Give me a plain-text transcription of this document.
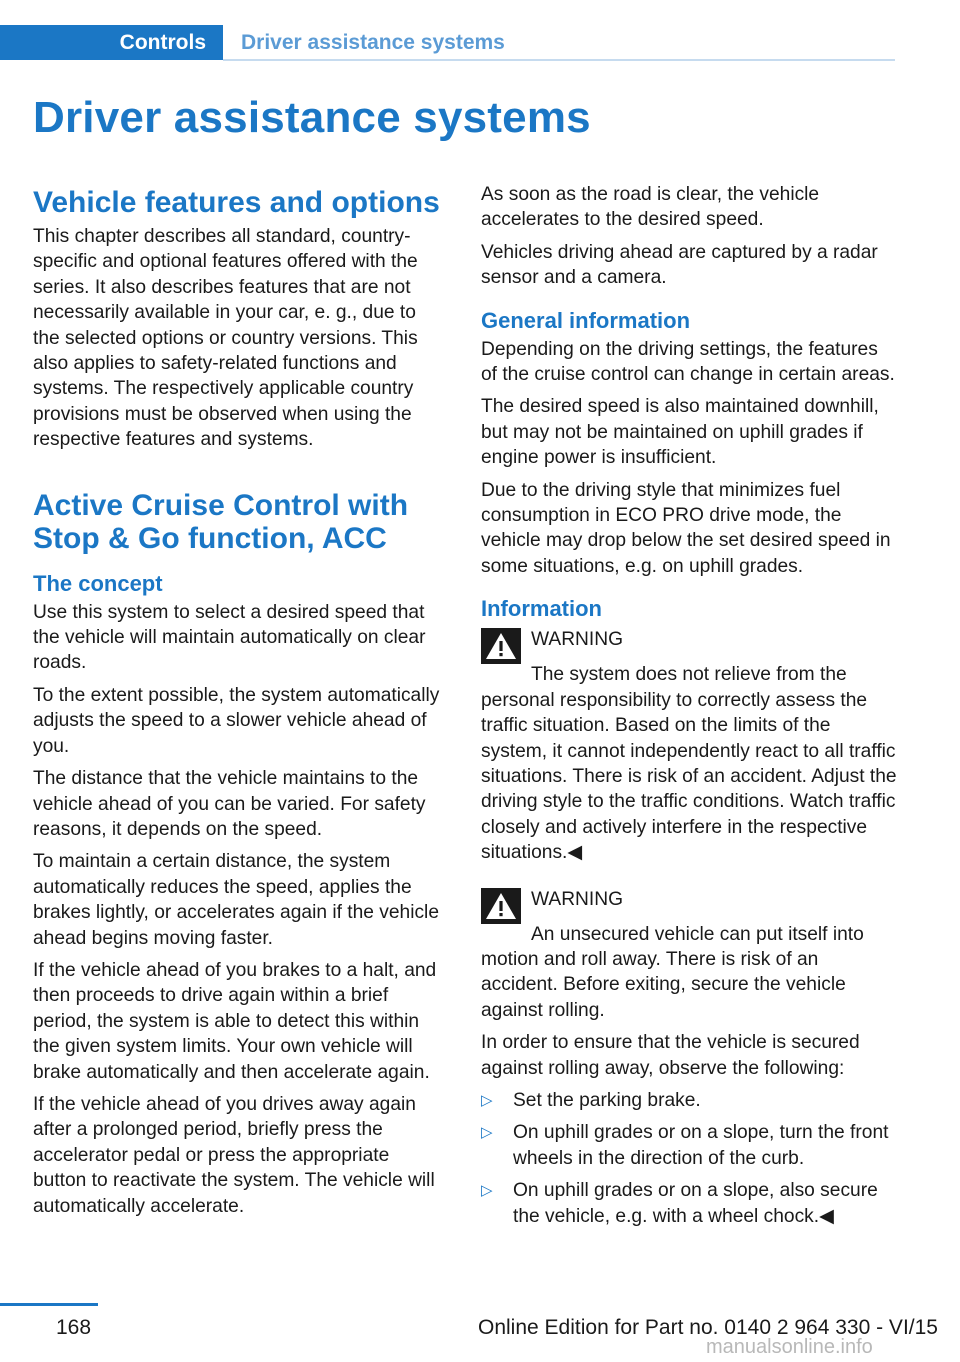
Controls Driver assistance systems
Driver assistance systems
Vehicle features and options

This chapter describes all standard, country-specific and optional features offered with the series. It also describes features that are not necessarily available in your car, e. g., due to the selected options or country versions. This also applies to safety-related functions and systems. The respectively applicable country provisions must be observed when using the respective features and systems.

Active Cruise Control with Stop & Go function, ACC
The concept

Use this system to select a desired speed that the vehicle will maintain automatically on clear roads.

To the extent possible, the system automatically adjusts the speed to a slower vehicle ahead of you.

The distance that the vehicle maintains to the vehicle ahead of you can be varied. For safety reasons, it depends on the speed.

To maintain a certain distance, the system automatically reduces the speed, applies the brakes lightly, or accelerates again if the vehicle ahead begins moving faster.

If the vehicle ahead of you brakes to a halt, and then proceeds to drive again within a brief period, the system is able to detect this within the given system limits. Your own vehicle will brake automatically and then accelerate again.

If the vehicle ahead of you drives away again after a prolonged period, briefly press the accelerator pedal or press the appropriate button to reactivate the system. The vehicle will automatically accelerate.

As soon as the road is clear, the vehicle accelerates to the desired speed.

Vehicles driving ahead are captured by a radar sensor and a camera.

General information

Depending on the driving settings, the features of the cruise control can change in certain areas.

The desired speed is also maintained downhill, but may not be maintained on uphill grades if engine power is insufficient.

Due to the driving style that minimizes fuel consumption in ECO PRO drive mode, the vehicle may drop below the set desired speed in some situations, e.g. on uphill grades.

Information
WARNING

The system does not relieve from the personal responsibility to correctly assess the traffic situation. Based on the limits of the system, it cannot independently react to all traffic situations. There is risk of an accident. Adjust the driving style to the traffic conditions. Watch traffic closely and actively interfere in the respective situations.◀

WARNING

An unsecured vehicle can put itself into motion and roll away. There is risk of an accident. Before exiting, secure the vehicle against rolling.

In order to ensure that the vehicle is secured against rolling away, observe the following:

▷ Set the parking brake.
▷ On uphill grades or on a slope, turn the front wheels in the direction of the curb.
▷ On uphill grades or on a slope, also secure the vehicle, e.g. with a wheel chock.◀
168	Online Edition for Part no. 0140 2 964 330 - VI/15
manualsonline.info
